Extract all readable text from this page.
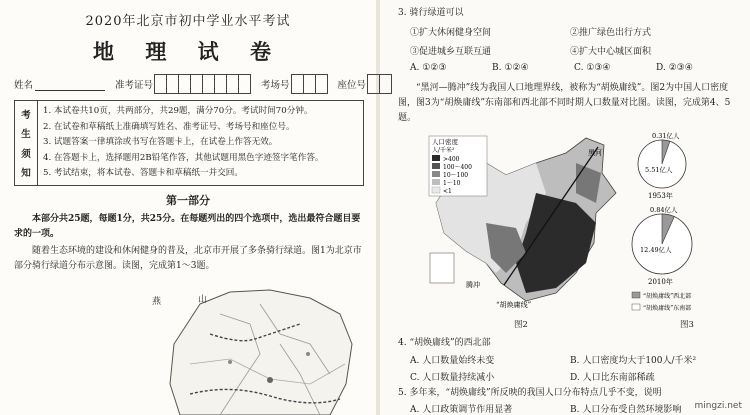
2020年北京市初中学业水平考试
地 理 试 卷
姓名	准考证号	考场号	座位号
考
生
须
知
1. 本试卷共10页，共两部分，共29题，满分70分。考试时间70分钟。
2. 在试卷和草稿纸上准确填写姓名、准考证号、考场号和座位号。
3. 试题答案一律填涂或书写在答题卡上，在试卷上作答无效。
4. 在答题卡上，选择题用2B铅笔作答，其他试题用黑色字迹签字笔作答。
5. 考试结束，将本试卷、答题卡和草稿纸一并交回。
第一部分
本部分共25题，每题1分，共25分。在每题列出的四个选项中，选出最符合题目要求的一项。
随着生态环境的建设和休闲健身的普及，北京市开展了多条骑行绿道。图1为北京市部分骑行绿道分布示意图。读图，完成第1～3题。
燕	山
3. 骑行绿道可以
①扩大休闲健身空间	②推广绿色出行方式
③促进城乡互联互通	④扩大中心城区面积
A. ①②③	B. ①②④	C. ①③④	D. ②③④
“黑河—腾冲”线为我国人口地理界线，被称为“胡焕庸线”。图2为中国人口密度图，图3为“胡焕庸线”东南部和西北部不同时期人口数量对比图。读图，完成第4、5题。
人口密度
人/千米²
>400
100～400
10～100
1～10
<1
黑河
腾冲
“胡焕庸线”
图2
0.31亿人
5.51亿人
1953年
0.84亿人
12.49亿人
2010年
“胡焕庸线”西北部
“胡焕庸线”东南部
图3
4. “胡焕庸线”的西北部
A. 人口数量始终未变	B. 人口密度均大于100人/千米²
C. 人口数量持续减小	D. 人口比东南部稀疏
5. 多年来，“胡焕庸线”所反映的我国人口分布特点几乎不变，说明
A. 人口政策调节作用显著	B. 人口分布受自然环境影响 mingzi.net
